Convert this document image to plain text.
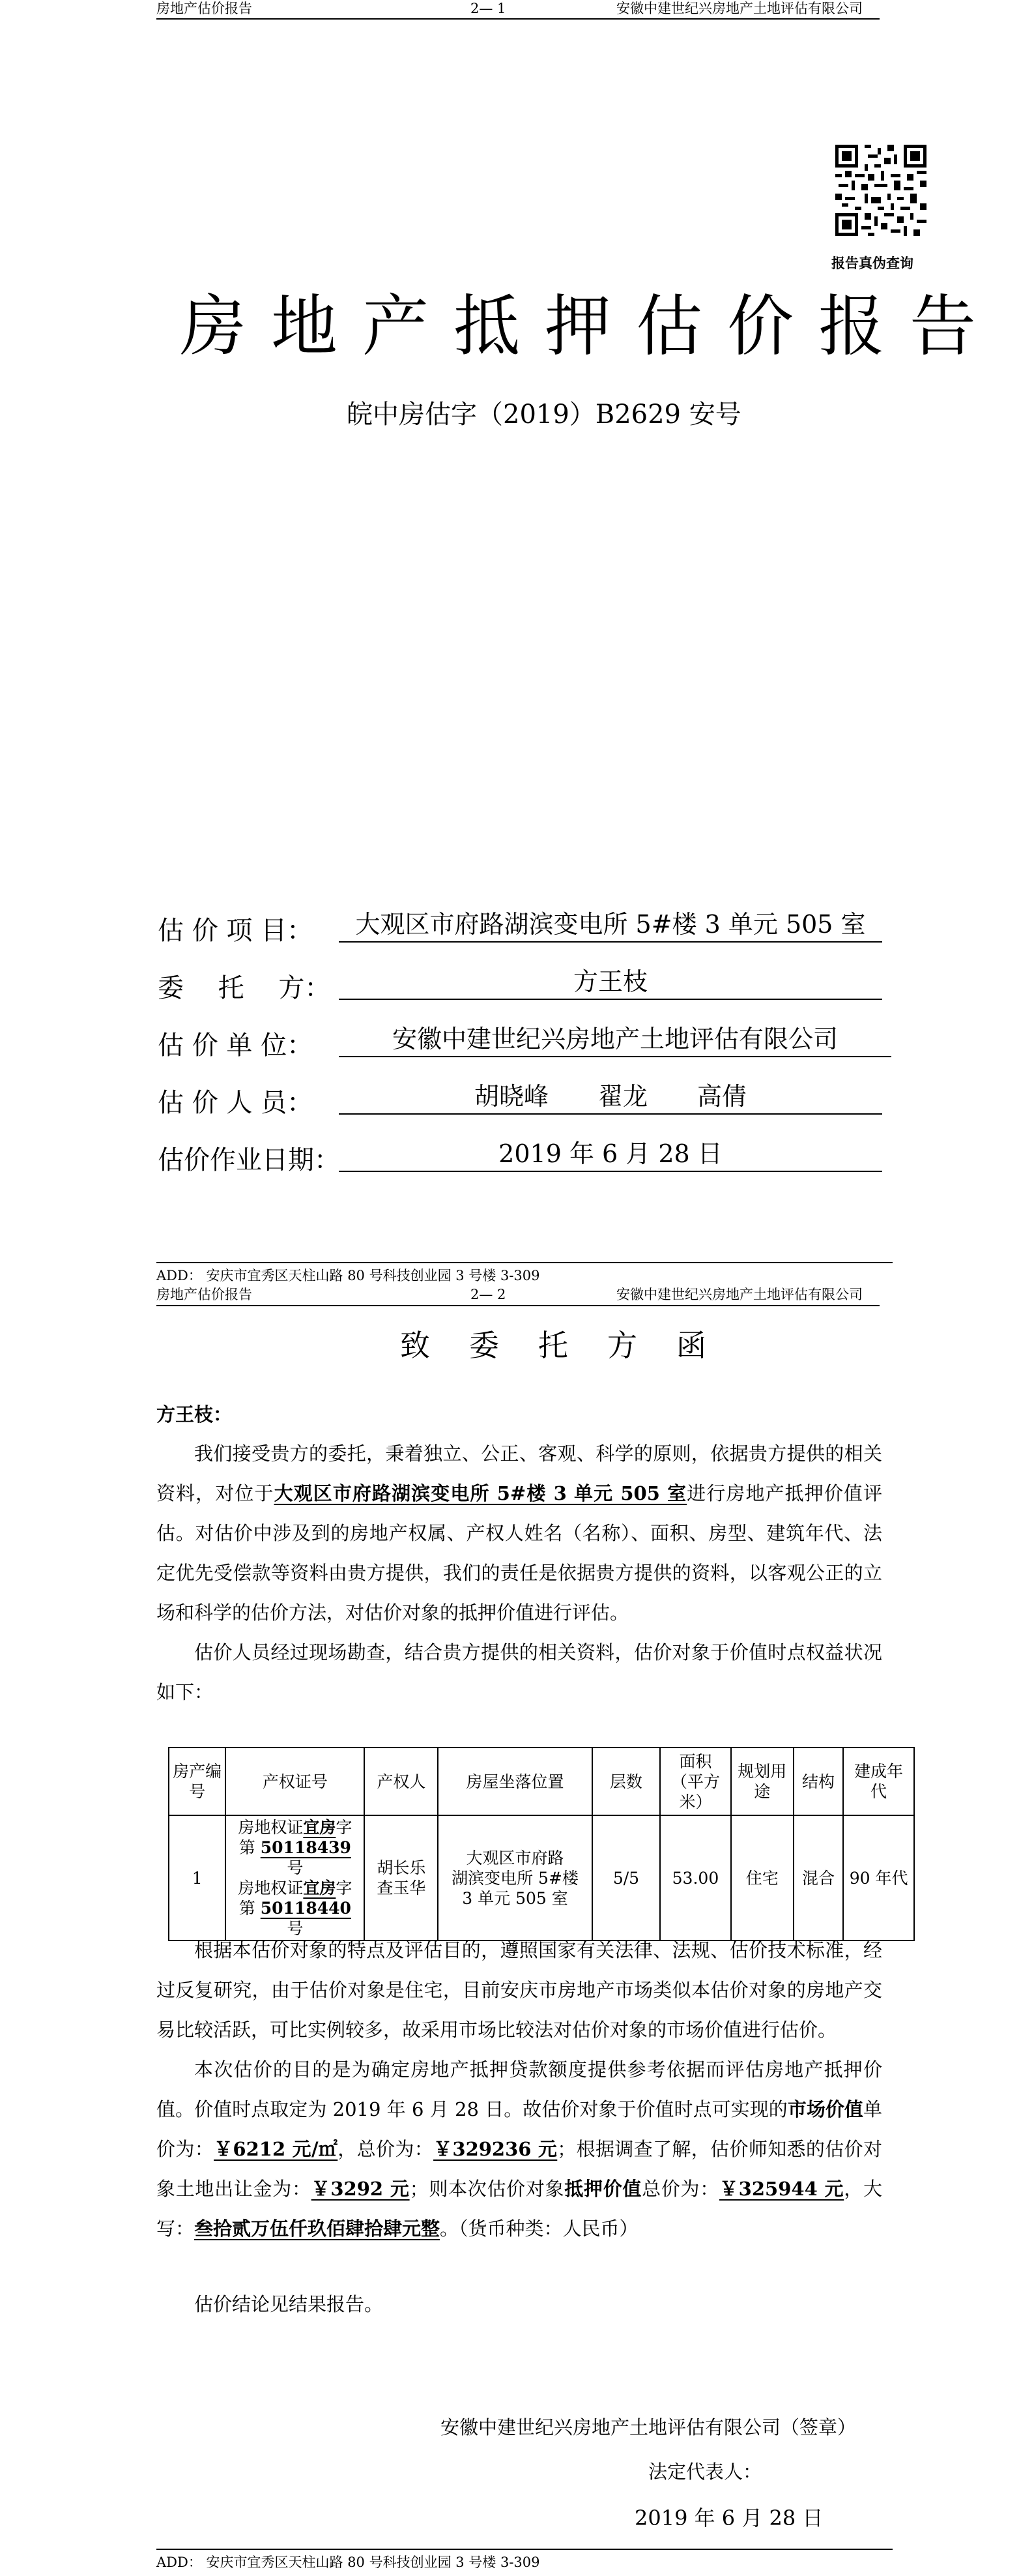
房地产估价报告	2— 1	安徽中建世纪兴房地产土地评估有限公司
报告真伪查询
房地产抵押估价报告
皖中房估字（2019）B2629 安号
估 价 项 目：	大观区市府路湖滨变电所 5#楼 3 单元 505 室
委　 托　 方：	方王枝
估 价 单 位：	安徽中建世纪兴房地产土地评估有限公司
估 价 人 员：	胡晓峰　　翟龙　　高倩
估价作业日期：	2019 年 6 月 28 日
ADD： 安庆市宜秀区天柱山路 80 号科技创业园 3 号楼 3-309
房地产估价报告	2— 2	安徽中建世纪兴房地产土地评估有限公司
致委托方函
方王枝：

我们接受贵方的委托，秉着独立、公正、客观、科学的原则，依据贵方提供的相关资料，对位于大观区市府路湖滨变电所 5#楼 3 单元 505 室进行房地产抵押价值评估。对估价中涉及到的房地产权属、产权人姓名（名称）、面积、房型、建筑年代、法定优先受偿款等资料由贵方提供，我们的责任是依据贵方提供的资料，以客观公正的立场和科学的估价方法，对估价对象的抵押价值进行评估。

估价人员经过现场勘查，结合贵方提供的相关资料，估价对象于价值时点权益状况如下：

房产编号	产权证号	产权人	房屋坐落位置	层数	面积（平方米）	规划用途	结构	建成年代
1	房地权证宜房字
第 50118439 号
房地权证宜房字
第 50118440 号	胡长乐
查玉华	大观区市府路
湖滨变电所 5#楼
3 单元 505 室	5/5	53.00	住宅	混合	90 年代

根据本估价对象的特点及评估目的，遵照国家有关法律、法规、估价技术标准，经过反复研究，由于估价对象是住宅，目前安庆市房地产市场类似本估价对象的房地产交易比较活跃，可比实例较多，故采用市场比较法对估价对象的市场价值进行估价。

本次估价的目的是为确定房地产抵押贷款额度提供参考依据而评估房地产抵押价值。价值时点取定为 2019 年 6 月 28 日。故估价对象于价值时点可实现的市场价值单价为：￥6212 元/㎡，总价为：￥329236 元；根据调查了解，估价师知悉的估价对象土地出让金为：￥3292 元；则本次估价对象抵押价值总价为：￥325944 元，大写：叁拾贰万伍仟玖佰肆拾肆元整。（货币种类：人民币）

估价结论见结果报告。

安徽中建世纪兴房地产土地评估有限公司（签章）
法定代表人：
2019 年 6 月 28 日
ADD： 安庆市宜秀区天柱山路 80 号科技创业园 3 号楼 3-309
